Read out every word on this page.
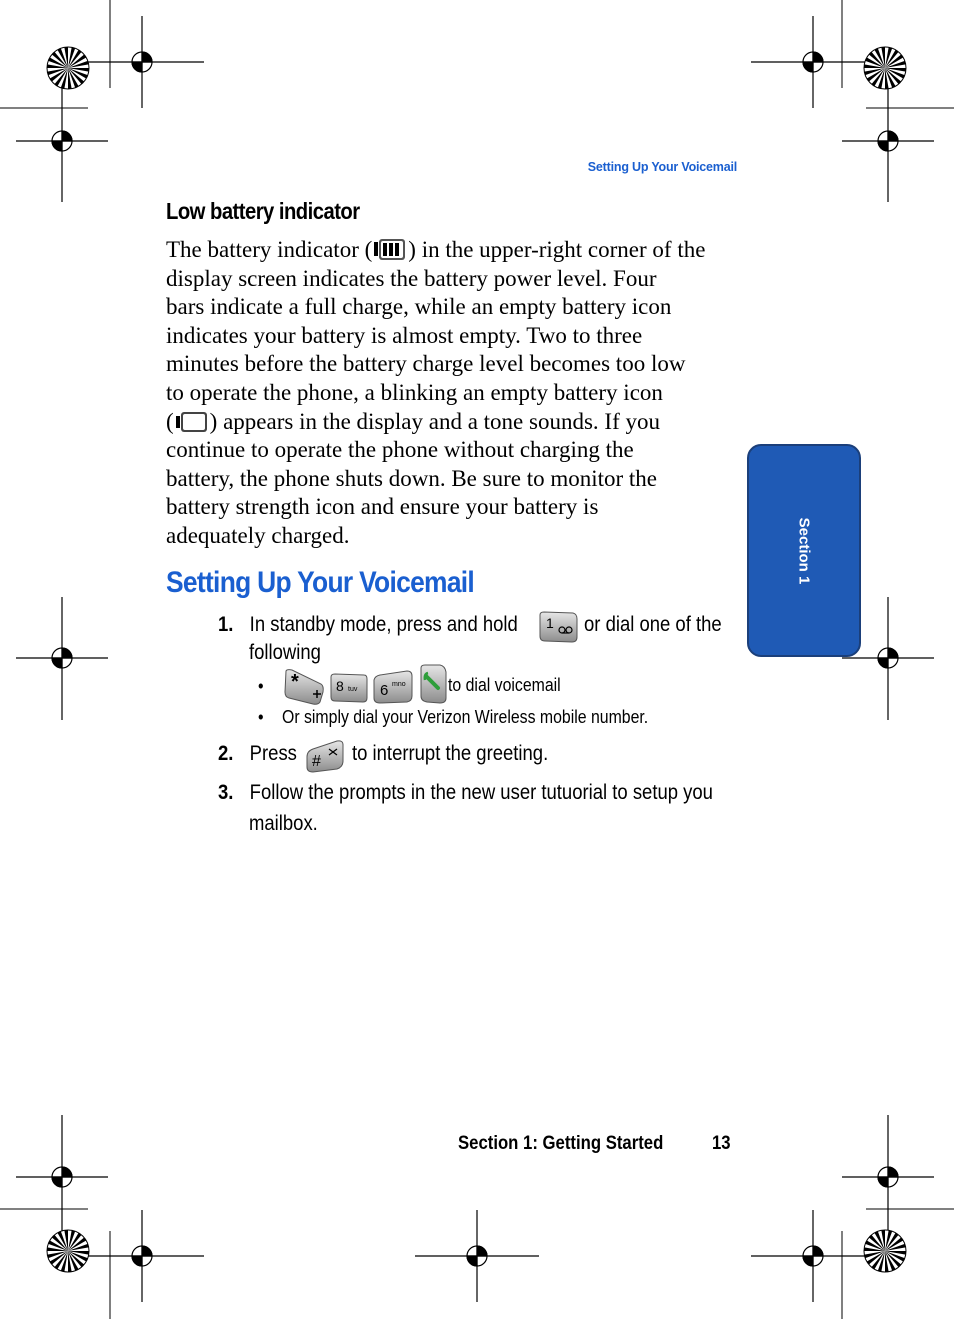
Setting Up Your Voicemail
Section 1
Low battery indicator
The battery indicator ( ) in the upper-right corner of the
display screen indicates the battery power level. Four
bars indicate a full charge, while an empty battery icon
indicates your battery is almost empty. Two to three
minutes before the battery charge level becomes too low
to operate the phone, a blinking an empty battery icon
( ) appears in the display and a tone sounds. If you
continue to operate the phone without charging the
battery, the phone shuts down. Be sure to monitor the
battery strength icon and ensure your battery is
adequately charged.
Setting Up Your Voicemail
1. In standby mode, press and hold	or dial one of the
following
1
• *	8 tuv 6 mno to dial voicemail
• Or simply dial your Verizon Wireless mobile number.
2. Press # to interrupt the greeting.
3. Follow the prompts in the new user tutuorial to setup you
mailbox.
Section 1: Getting Started	13
